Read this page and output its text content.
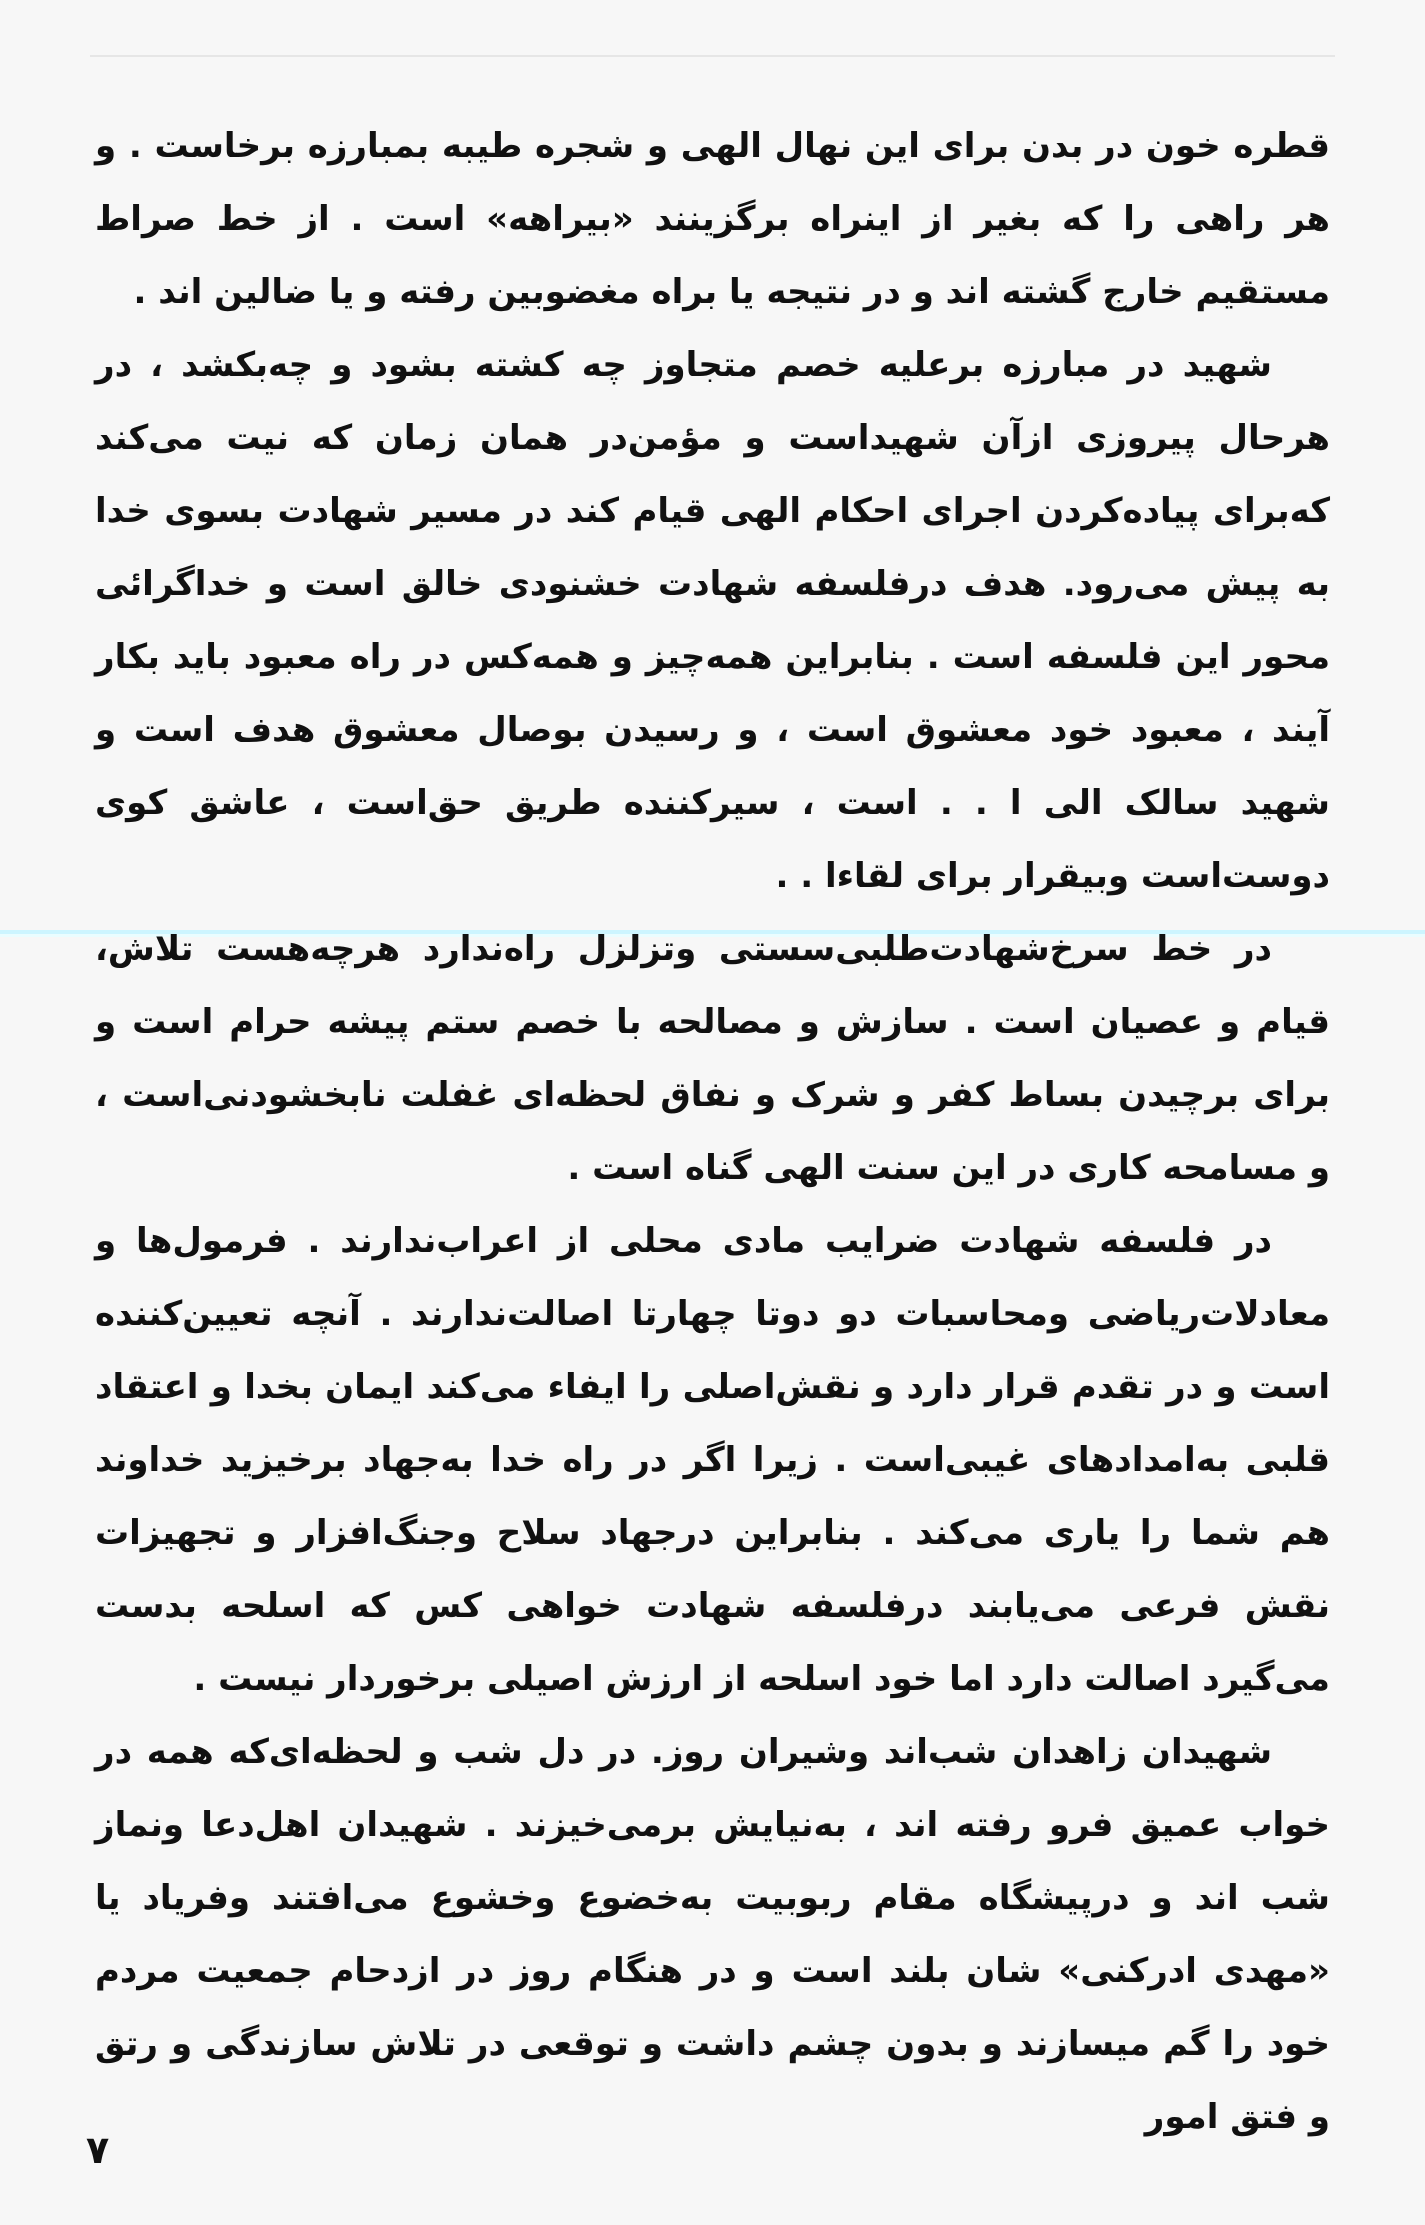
قطره خون در بدن برای این نهال الهی و شجره طیبه بمبارزه برخاست . و هر راهی را که بغیر از اینراه برگزینند «بیراهه» است . از خط صراط مستقیم خارج گشته اند و در نتیجه یا براه مغضوبین رفته و یا ضالین اند .

شهید در مبارزه برعلیه خصم متجاوز چه کشته بشود و چه‌بکشد ، در هرحال پیروزی ازآن شهیداست و مؤمن‌در همان زمان که نیت می‌کند که‌برای پیاده‌کردن اجرای احکام الهی قیام کند در مسیر شهادت بسوی خدا به پیش می‌رود. هدف درفلسفه شهادت خشنودی خالق است و خداگرائی محور این فلسفه است . بنابراین همه‌چیز و همه‌کس در راه معبود باید بکار آیند ، معبود خود معشوق است ، و رسیدن بوصال معشوق هدف است و شهید سالک الی ا . . است ، سیرکننده طریق حق‌است ، عاشق کوی دوست‌است وبیقرار برای لقاءا . .

در خط سرخ‌شهادت‌طلبی‌سستی وتزلزل راه‌ندارد هرچه‌هست تلاش، قیام و عصیان است . سازش و مصالحه با خصم ستم پیشه حرام است و برای برچیدن بساط کفر و شرک و نفاق لحظه‌ای غفلت نابخشودنی‌است ، و مسامحه کاری در این سنت الهی گناه است .

در فلسفه شهادت ضرایب مادی محلی از اعراب‌ندارند . فرمول‌ها و معادلات‌ریاضی ومحاسبات دو دوتا چهارتا اصالت‌ندارند . آنچه تعیین‌کننده است و در تقدم قرار دارد و نقش‌اصلی را ایفاء می‌کند ایمان بخدا و اعتقاد قلبی به‌امدادهای غیبی‌است . زیرا اگر در راه خدا به‌جهاد برخیزید خداوند هم شما را یاری می‌کند . بنابراین درجهاد سلاح وجنگ‌افزار و تجهیزات نقش فرعی می‌یابند درفلسفه شهادت خواهی کس که اسلحه بدست می‌گیرد اصالت دارد اما خود اسلحه از ارزش اصیلی برخوردار نیست .

شهیدان زاهدان شب‌اند وشیران روز. در دل شب و لحظه‌ای‌که همه در خواب عمیق فرو رفته اند ، به‌نیایش برمی‌خیزند . شهیدان اهل‌دعا ونماز شب اند و درپیشگاه مقام ربوبیت به‌خضوع وخشوع می‌افتند وفریاد یا «مهدی ادرکنی» شان بلند است و در هنگام روز در ازدحام جمعیت مردم خود را گم میسازند و بدون چشم داشت و توقعی در تلاش سازندگی و رتق و فتق امور

۷
